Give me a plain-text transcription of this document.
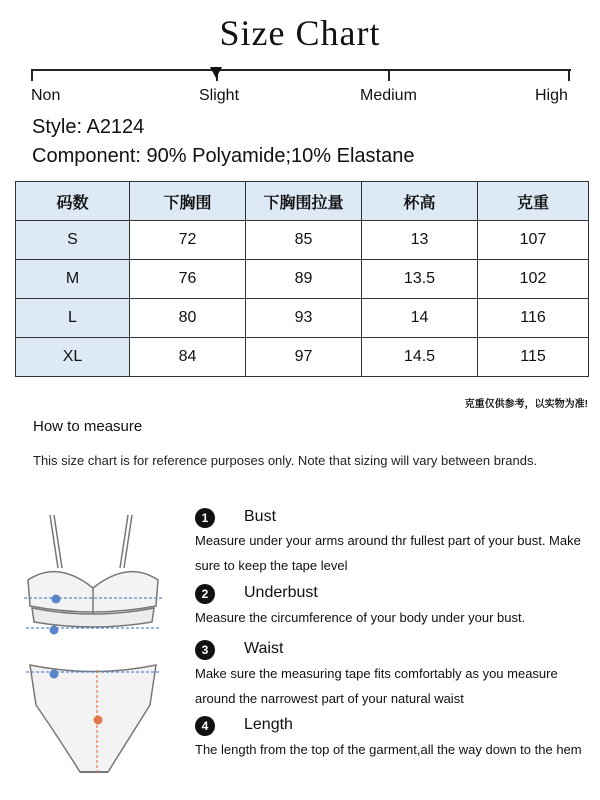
Size Chart
Non	Slight	Medium	High
Style: A2124
Component: 90% Polyamide;10% Elastane
码数	下胸围	下胸围拉量	杯高	克重
S	72	85	13	107
M	76	89	13.5	102
L	80	93	14	116
XL	84	97	14.5	115
克重仅供参考，以实物为准!
How to measure
This size chart is for reference purposes only. Note that sizing will vary between brands.
1	Bust
Measure under your arms around thr fullest part of your bust. Make sure to keep the tape level
2	Underbust
Measure the circumference of your body under your bust.
3	Waist
Make sure the measuring tape fits comfortably as you measure around the narrowest part of your natural waist
4	Length
The length from the top of the garment,all the way down to the hem
